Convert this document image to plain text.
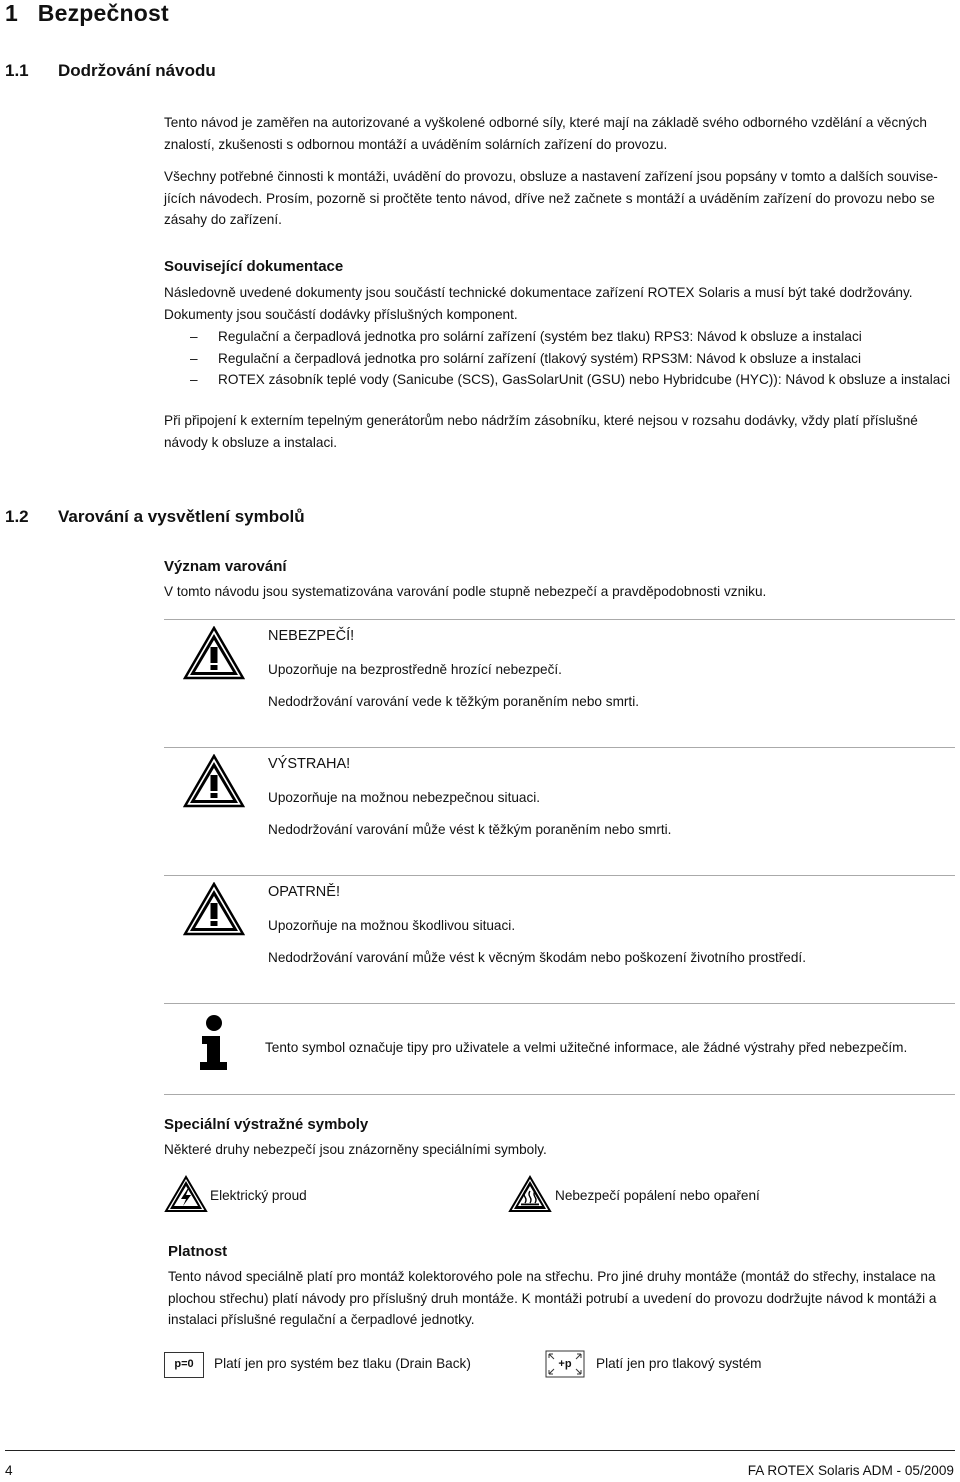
1 Bezpečnost
1.1 Dodržování návodu
Tento návod je zaměřen na autorizované a vyškolené odborné síly, které mají na základě svého odborného vzdělání a věcných
znalostí, zkušenosti s odbornou montáží a uváděním solárních zařízení do provozu.
Všechny potřebné činnosti k montáži, uvádění do provozu, obsluze a nastavení zařízení jsou popsány v tomto a dalších souvise-
jících návodech. Prosím, pozorně si pročtěte tento návod, dříve než začnete s montáží a uváděním zařízení do provozu nebo se
zásahy do zařízení.
Související dokumentace
Následovně uvedené dokumenty jsou součástí technické dokumentace zařízení ROTEX Solaris a musí být také dodržovány.
Dokumenty jsou součástí dodávky příslušných komponent.
–	Regulační a čerpadlová jednotka pro solární zařízení (systém bez tlaku) RPS3: Návod k obsluze a instalaci
–	Regulační a čerpadlová jednotka pro solární zařízení (tlakový systém) RPS3M: Návod k obsluze a instalaci
–	ROTEX zásobník teplé vody (Sanicube (SCS), GasSolarUnit (GSU) nebo Hybridcube (HYC)): Návod k obsluze a instalaci
Při připojení k externím tepelným generátorům nebo nádržím zásobníku, které nejsou v rozsahu dodávky, vždy platí příslušné
návody k obsluze a instalaci.
1.2 Varování a vysvětlení symbolů
Význam varování
V tomto návodu jsou systematizována varování podle stupně nebezpečí a pravděpodobnosti vzniku.
NEBEZPEČÍ!
Upozorňuje na bezprostředně hrozící nebezpečí.
Nedodržování varování vede k těžkým poraněním nebo smrti.
VÝSTRAHA!
Upozorňuje na možnou nebezpečnou situaci.
Nedodržování varování může vést k těžkým poraněním nebo smrti.
OPATRNĚ!
Upozorňuje na možnou škodlivou situaci.
Nedodržování varování může vést k věcným škodám nebo poškození životního prostředí.
Tento symbol označuje tipy pro uživatele a velmi užitečné informace, ale žádné výstrahy před nebezpečím.
Speciální výstražné symboly
Některé druhy nebezpečí jsou znázorněny speciálními symboly.
Elektrický proud	Nebezpečí popálení nebo opaření
Platnost
Tento návod speciálně platí pro montáž kolektorového pole na střechu. Pro jiné druhy montáže (montáž do střechy, instalace na
plochou střechu) platí návody pro příslušný druh montáže. K montáži potrubí a uvedení do provozu dodržujte návod k montáži a
instalaci příslušné regulační a čerpadlové jednotky.
p=0	Platí jen pro systém bez tlaku (Drain Back)	+p	Platí jen pro tlakový systém
4	FA ROTEX Solaris ADM - 05/2009
